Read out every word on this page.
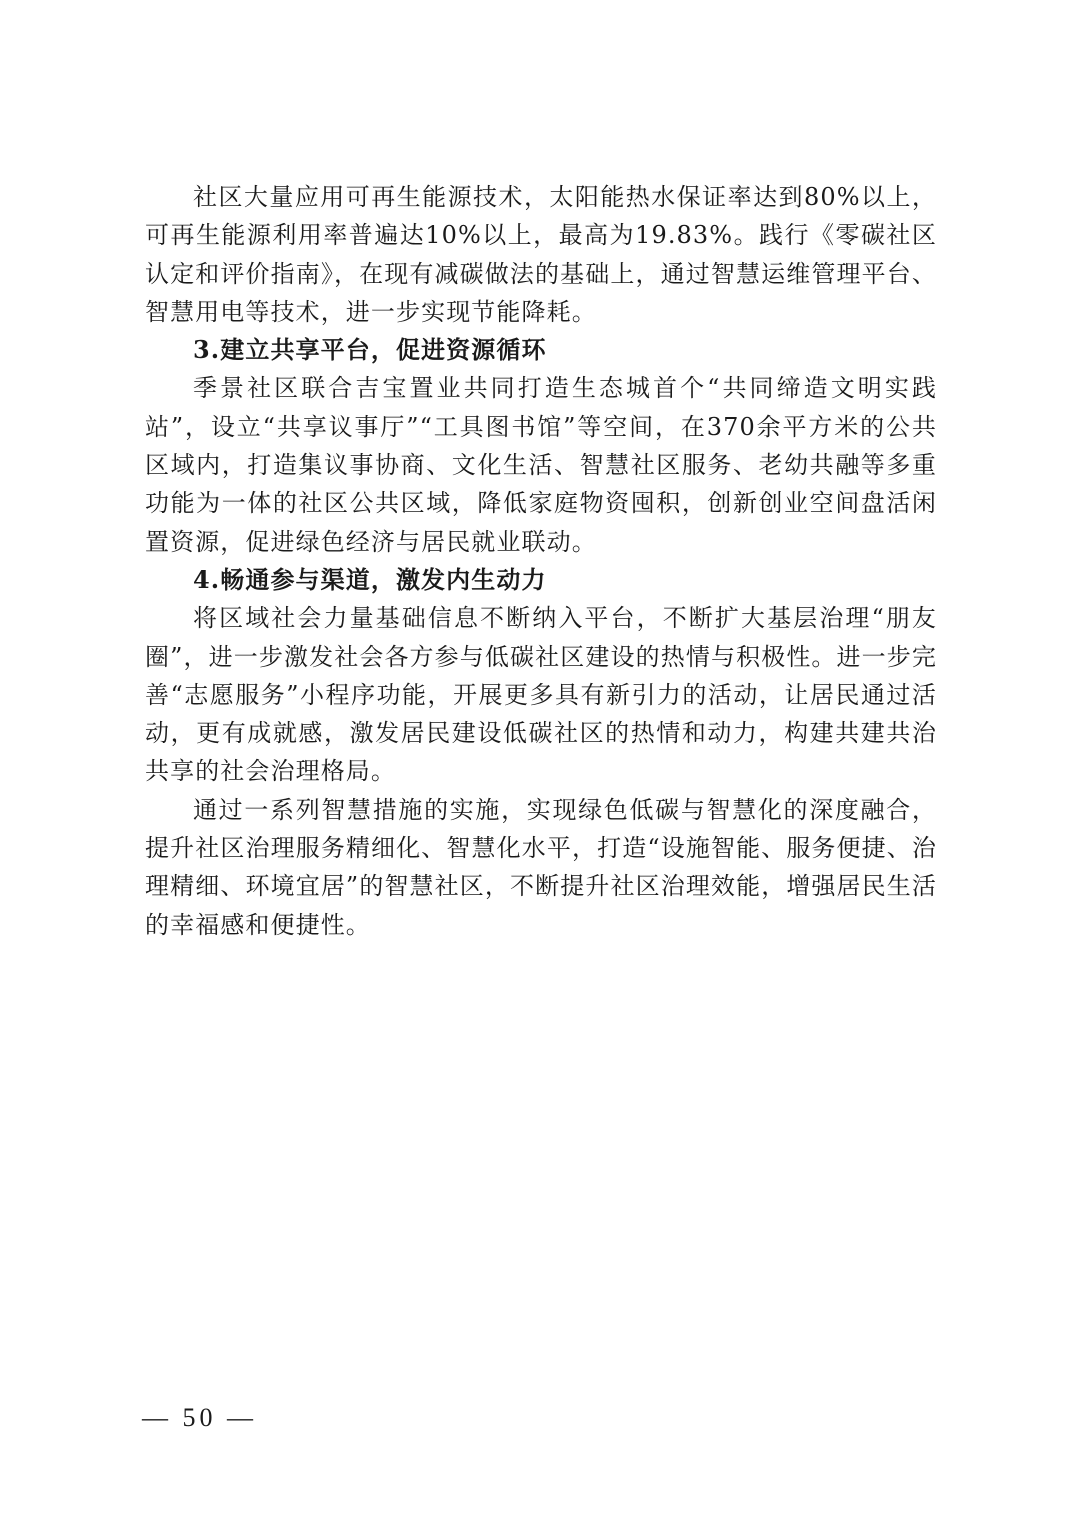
社区大量应用可再生能源技术，太阳能热水保证率达到80%以上，可再生能源利用率普遍达10%以上，最高为19.83%。践行《零碳社区认定和评价指南》，在现有减碳做法的基础上，通过智慧运维管理平台、智慧用电等技术，进一步实现节能降耗。

3.建立共享平台，促进资源循环

季景社区联合吉宝置业共同打造生态城首个“共同缔造文明实践站”，设立“共享议事厅”“工具图书馆”等空间，在370余平方米的公共区域内，打造集议事协商、文化生活、智慧社区服务、老幼共融等多重功能为一体的社区公共区域，降低家庭物资囤积，创新创业空间盘活闲置资源，促进绿色经济与居民就业联动。

4.畅通参与渠道，激发内生动力

将区域社会力量基础信息不断纳入平台，不断扩大基层治理“朋友圈”，进一步激发社会各方参与低碳社区建设的热情与积极性。进一步完善“志愿服务”小程序功能，开展更多具有新引力的活动，让居民通过活动，更有成就感，激发居民建设低碳社区的热情和动力，构建共建共治共享的社会治理格局。

通过一系列智慧措施的实施，实现绿色低碳与智慧化的深度融合，提升社区治理服务精细化、智慧化水平，打造“设施智能、服务便捷、治理精细、环境宜居”的智慧社区，不断提升社区治理效能，增强居民生活的幸福感和便捷性。

— 50 —
